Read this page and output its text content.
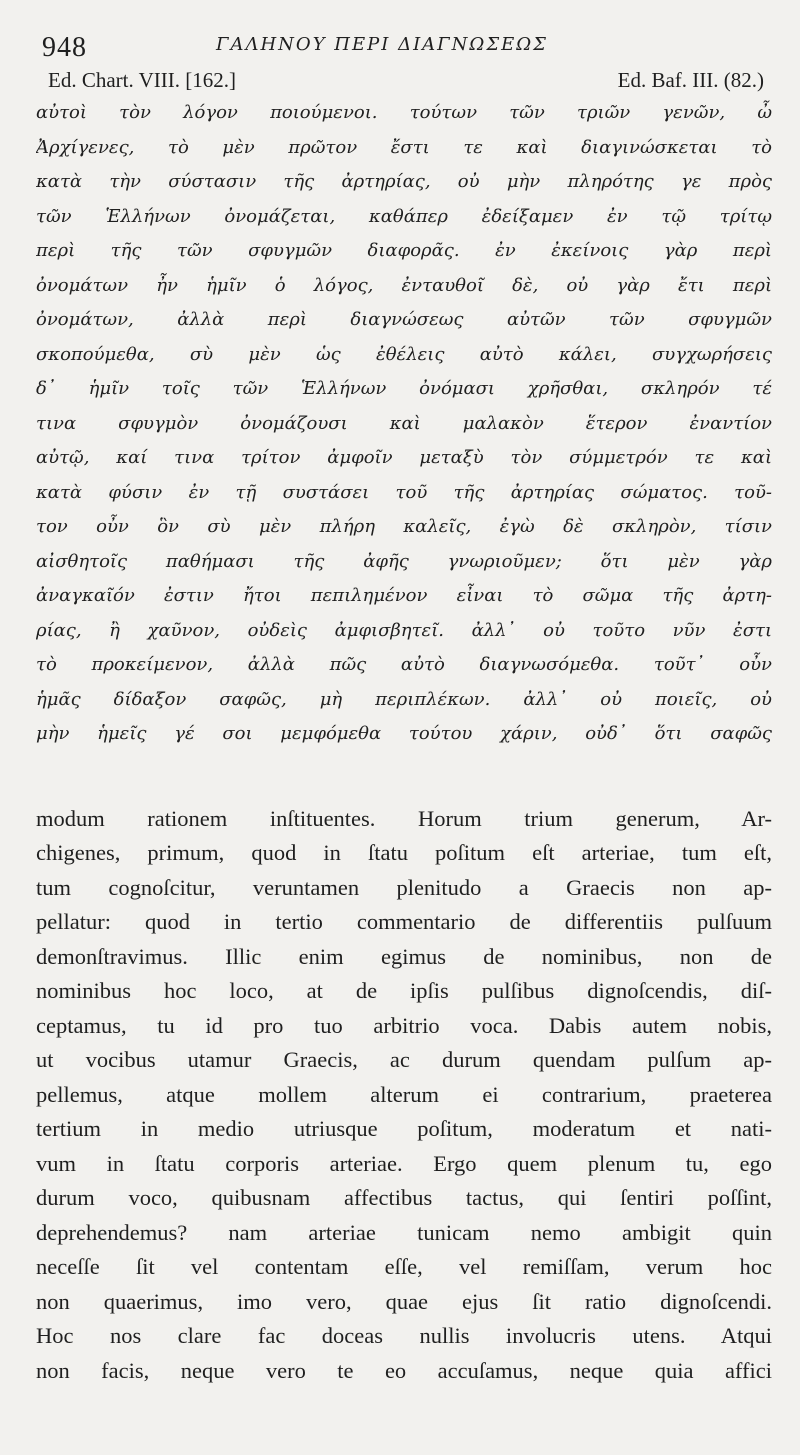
948	ΓΑΛΗΝΟΥ ΠΕΡΙ ΔΙΑΓΝΩΣΕΩΣ
Ed. Chart. VIII. [162.]	Ed. Baf. III. (82.)
αὐτοὶ τὸν λόγον ποιούμενοι. τούτων τῶν τριῶν γενῶν, ὦ
Ἀρχίγενες, τὸ μὲν πρῶτον ἔστι τε καὶ διαγινώσκεται τὸ
κατὰ τὴν σύστασιν τῆς ἀρτηρίας, οὐ μὴν πληρότης γε πρὸς
τῶν Ἑλλήνων ὀνομάζεται, καθάπερ ἐδείξαμεν ἐν τῷ τρίτῳ
περὶ τῆς τῶν σφυγμῶν διαφορᾶς. ἐν ἐκείνοις γὰρ περὶ
ὀνομάτων ἦν ἡμῖν ὁ λόγος, ἐνταυθοῖ δὲ, οὐ γὰρ ἔτι περὶ
ὀνομάτων, ἀλλὰ περὶ διαγνώσεως αὐτῶν τῶν σφυγμῶν
σκοπούμεθα, σὺ μὲν ὡς ἐθέλεις αὐτὸ κάλει, συγχωρήσεις
δ᾽ ἡμῖν τοῖς τῶν Ἑλλήνων ὀνόμασι χρῆσθαι, σκληρόν τέ
τινα σφυγμὸν ὀνομάζουσι καὶ μαλακὸν ἕτερον ἐναντίον
αὐτῷ, καί τινα τρίτον ἀμφοῖν μεταξὺ τὸν σύμμετρόν τε καὶ
κατὰ φύσιν ἐν τῇ συστάσει τοῦ τῆς ἀρτηρίας σώματος. τοῦ-
τον οὖν ὃν σὺ μὲν πλήρη καλεῖς, ἐγὼ δὲ σκληρὸν, τίσιν
αἰσθητοῖς παθήμασι τῆς ἀφῆς γνωριοῦμεν; ὅτι μὲν γὰρ
ἀναγκαῖόν ἐστιν ἤτοι πεπιλημένον εἶναι τὸ σῶμα τῆς ἀρτη-
ρίας, ἢ χαῦνον, οὐδεὶς ἀμφισβητεῖ. ἀλλ᾽ οὐ τοῦτο νῦν ἐστι
τὸ προκείμενον, ἀλλὰ πῶς αὐτὸ διαγνωσόμεθα. τοῦτ᾽ οὖν
ἡμᾶς δίδαξον σαφῶς, μὴ περιπλέκων. ἀλλ᾽ οὐ ποιεῖς, οὐ
μὴν ἡμεῖς γέ σοι μεμφόμεθα τούτου χάριν, οὐδ᾽ ὅτι σαφῶς
modum rationem inſtituentes. Horum trium generum, Ar-
chigenes, primum, quod in ſtatu poſitum eſt arteriae, tum eſt,
tum cognoſcitur, veruntamen plenitudo a Graecis non ap-
pellatur: quod in tertio commentario de differentiis pulſuum
demonſtravimus. Illic enim egimus de nominibus, non de
nominibus hoc loco, at de ipſis pulſibus dignoſcendis, diſ-
ceptamus, tu id pro tuo arbitrio voca. Dabis autem nobis,
ut vocibus utamur Graecis, ac durum quendam pulſum ap-
pellemus, atque mollem alterum ei contrarium, praeterea
tertium in medio utriusque poſitum, moderatum et nati-
vum in ſtatu corporis arteriae. Ergo quem plenum tu, ego
durum voco, quibusnam affectibus tactus, qui ſentiri poſſint,
deprehendemus? nam arteriae tunicam nemo ambigit quin
neceſſe ſit vel contentam eſſe, vel remiſſam, verum hoc
non quaerimus, imo vero, quae ejus ſit ratio dignoſcendi.
Hoc nos clare fac doceas nullis involucris utens. Atqui
non facis, neque vero te eo accuſamus, neque quia affici
